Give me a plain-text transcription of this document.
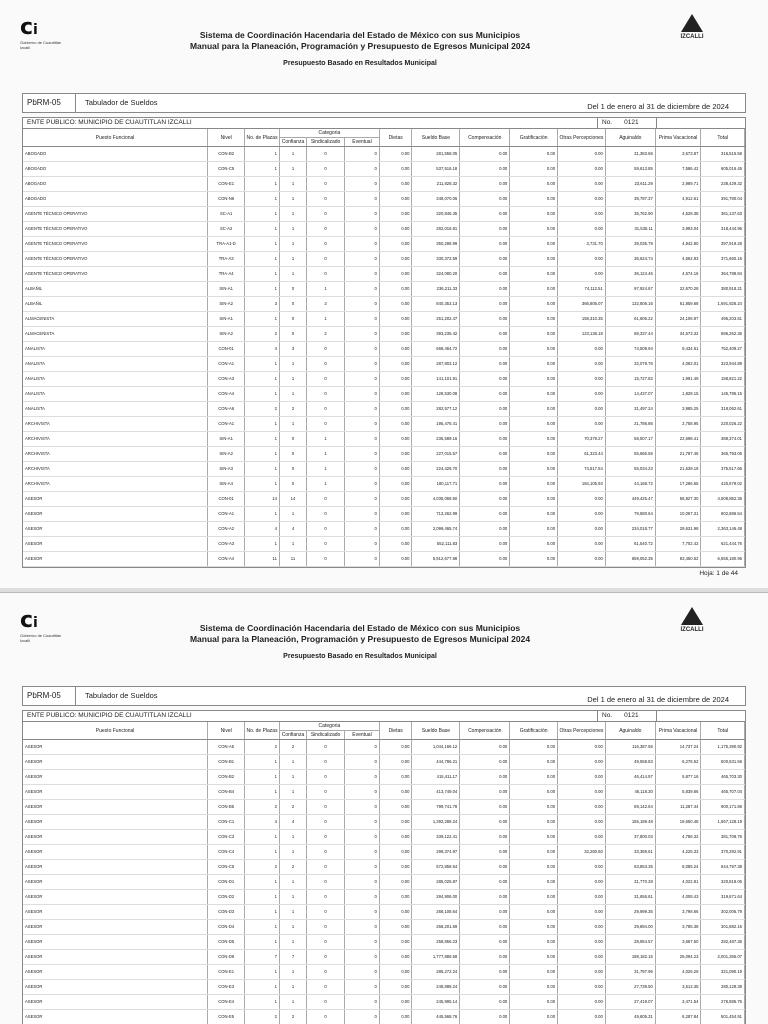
ci
Gobierno de Cuautitlán Izcalli
IZCALLI
Sistema de Coordinación Hacendaria del Estado de México con sus Municipios
Manual para la Planeación, Programación y Presupuesto de Egresos Municipal 2024
Presupuesto Basado en Resultados Municipal
PbRM-05	Tabulador de Sueldos	Del 1 de enero al 31 de diciembre de 2024
ENTE PUBLICO: MUNICIPIO DE CUAUTITLAN IZCALLI	No. 0121
Puesto Funcional	Nivel	No. de Plazas	Categoria			Dietas	Sueldo Base	Compensación	Gratificación	Otras Percepciones	Aguinaldo	Prima Vacacional	Total
			Confianza	Sindicalizado	Eventual								
ABOGADO	CON-B2	1	1	0	0	0.00	281,558.05	0.00	0.00	0.00	31,383.66	3,573.87	316,515.58
ABOGADO	CON-C5	1	1	0	0	0.00	537,516.18	0.00	0.00	0.00	59,613.85	7,586.42	605,016.45
ABOGADO	CON-E1	1	1	0	0	0.00	211,828.32	0.00	0.00	0.00	23,611.29	2,989.71	238,429.32
ABOGADO	CON-N6	1	1	0	0	0.00	348,070.06	0.00	0.00	0.00	38,797.37	4,912.61	391,780.04
AGENTE TÉCNICO OPERATIVO	SC-A1	1	1	0	0	0.00	320,846.35	0.00	0.00	0.00	35,762.90	4,528.38	361,137.63
AGENTE TÉCNICO OPERATIVO	SC-A2	1	1	0	0	0.00	282,016.81	0.00	0.00	0.00	31,535.11	3,993.04	318,444.96
AGENTE TÉCNICO OPERATIVO	TRA-A1-D	1	1	0	0	0.00	350,288.99	0.00	0.00	3,731.70	39,035.79	4,942.80	397,919.28
AGENTE TÉCNICO OPERATIVO	TRA-A3	1	1	0	0	0.00	330,372.59	0.00	0.00	0.00	36,624.74	4,662.93	371,660.16
AGENTE TÉCNICO OPERATIVO	TRA-A4	1	1	0	0	0.00	324,080.20	0.00	0.00	0.00	36,124.46	4,574.16	364,788.84
ALBAÑIL	SIN-A1	1	0	1	0	0.00	236,211.33	0.00	0.00	74,112.51	97,924.67	22,670.28	380,918.21
ALBAÑIL	SIN-A2	3	0	3	0	0.00	840,353.13	0.00	0.00	366,806.07	132,806.16	61,859.68	1,691,826.24
ALMACENISTA	SIN-A1	1	0	1	0	0.00	251,202.47	0.00	0.00	158,310.35	61,606.22	24,106.97	495,203.51
ALMACENISTA	SIN-A2	2	0	2	0	0.00	393,235.42	0.00	0.00	123,136.18	88,337.44	34,573.32	686,262.36
ANALISTA	CON-01	4	3	0	0	0.00	668,464.72	0.00	0.00	0.00	74,509.94	9,434.61	752,409.27
ANALISTA	CON-A1	1	1	0	0	0.00	287,803.12	0.00	0.00	0.00	32,079.76	4,062.01	323,944.89
ANALISTA	CON-A3	1	1	0	0	0.00	141,101.91	0.00	0.00	0.00	15,727.82	1,991.49	158,821.22
ANALISTA	CON-A4	1	1	0	0	0.00	128,530.08	0.00	0.00	0.00	14,437.07	1,828.15	145,795.15
ANALISTA	CON-A6	2	2	0	0	0.00	282,577.12	0.00	0.00	0.00	31,497.24	3,985.25	318,062.61
ARCHIVISTA	CON-A1	1	1	0	0	0.00	195,478.41	0.00	0.00	0.00	21,786.86	2,758.95	220,026.22
ARCHIVISTA	SIN-A1	1	0	1	0	0.00	236,589.16	0.00	0.00	70,379.27	58,507.17	22,698.41	388,374.01
ARCHIVISTA	SIN-A2	1	0	1	0	0.00	227,015.57	0.00	0.00	61,323.44	55,666.55	21,787.46	365,793.06
ARCHIVISTA	SIN-A3	1	0	1	0	0.00	224,426.70	0.00	0.00	74,517.54	55,034.23	21,539.16	375,517.66
ARCHIVISTA	SIN-A4	1	0	1	0	0.00	180,117.71	0.00	0.00	184,105.93	44,168.72	17,286.65	425,679.02
ASESOR	CON-01	14	14	0	0	0.00	4,035,069.50	0.00	0.00	0.00	449,425.47	56,927.30	4,508,852.36
ASESOR	CON-A1	1	1	0	0	0.00	713,262.99	0.00	0.00	0.00	79,580.64	10,067.31	802,886.54
ASESOR	CON-A2	4	4	0	0	0.00	2,099,465.74	0.00	0.00	0.00	234,018.77	29,631.98	2,363,146.48
ASESOR	CON-A3	1	1	0	0	0.00	552,111.83	0.00	0.00	0.00	61,540.72	7,702.42	621,444.76
ASESOR	CON-A4	11	11	0	0	0.00	5,912,677.98	0.00	0.00	0.00	659,052.35	83,450.62	6,655,180.95
Hoja: 1 de 44
ci
Gobierno de Cuautitlán Izcalli
IZCALLI
Sistema de Coordinación Hacendaria del Estado de México con sus Municipios
Manual para la Planeación, Programación y Presupuesto de Egresos Municipal 2024
Presupuesto Basado en Resultados Municipal
PbRM-05	Tabulador de Sueldos	Del 1 de enero al 31 de diciembre de 2024
ENTE PUBLICO: MUNICIPIO DE CUAUTITLAN IZCALLI	No. 0121
Puesto Funcional	Nivel	No. de Plazas	Categoria			Dietas	Sueldo Base	Compensación	Gratificación	Otras Percepciones	Aguinaldo	Prima Vacacional	Total
			Confianza	Sindicalizado	Eventual								
ASESOR	CON-A5	2	2	0	0	0.00	1,044,166.12	0.00	0.00	0.00	116,387.56	14,737.24	1,175,290.92
ASESOR	CON-B1	1	1	0	0	0.00	444,796.21	0.00	0.00	0.00	49,558.83	6,276.52	500,631.56
ASESOR	CON-B2	1	1	0	0	0.00	415,411.17	0.00	0.00	0.00	46,414.97	5,877.16	465,703.30
ASESOR	CON-B4	1	1	0	0	0.00	413,749.04	0.00	0.00	0.00	46,118.30	5,839.66	465,707.04
ASESOR	CON-B5	2	2	0	0	0.00	799,741.78	0.00	0.00	0.00	89,142.64	11,287.44	900,171.86
ASESOR	CON-C1	4	4	0	0	0.00	1,392,288.24	0.00	0.00	0.00	155,189.48	19,650.48	1,567,128.19
ASESOR	CON-C3	1	1	0	0	0.00	339,122.41	0.00	0.00	0.00	37,800.03	4,786.32	381,708.76
ASESOR	CON-C4	1	1	0	0	0.00	299,374.97	0.00	0.00	33,260.60	33,369.61	4,225.33	370,292.91
ASESOR	CON-C5	2	2	0	0	0.00	572,858.54	0.00	0.00	0.00	63,853.35	8,085.24	644,797.38
ASESOR	CON-D1	1	1	0	0	0.00	285,025.87	0.00	0.00	0.00	31,770.28	4,022.81	320,818.06
ASESOR	CON-D2	1	1	0	0	0.00	284,906.00	0.00	0.00	0.00	31,656.61	4,008.43	319,671.64
ASESOR	CON-D3	1	1	0	0	0.00	268,108.64	0.00	0.00	0.00	29,999.35	3,798.66	302,006.79
ASESOR	CON-D4	1	1	0	0	0.00	268,201.69	0.00	0.00	0.00	29,894.00	3,785.38	301,882.16
ASESOR	CON-D5	1	1	0	0	0.00	258,855.23	0.00	0.00	0.00	28,954.57	3,667.50	292,487.36
ASESOR	CON-D6	7	7	0	0	0.00	1,777,888.58	0.00	0.00	0.00	198,182.15	25,094.23	2,001,265.07
ASESOR	CON-E1	1	1	0	0	0.00	285,272.24	0.00	0.00	0.00	31,797.96	4,026.29	321,090.19
ASESOR	CON-E3	1	1	0	0	0.00	248,888.24	0.00	0.00	0.00	27,739.50	3,512.35	280,129.39
ASESOR	CON-E4	1	1	0	0	0.00	245,995.14	0.00	0.00	0.00	27,419.07	3,471.54	276,885.75
ASESOR	CON-E5	2	2	0	0	0.00	445,568.76	0.00	0.00	0.00	49,605.31	6,287.84	501,454.91
